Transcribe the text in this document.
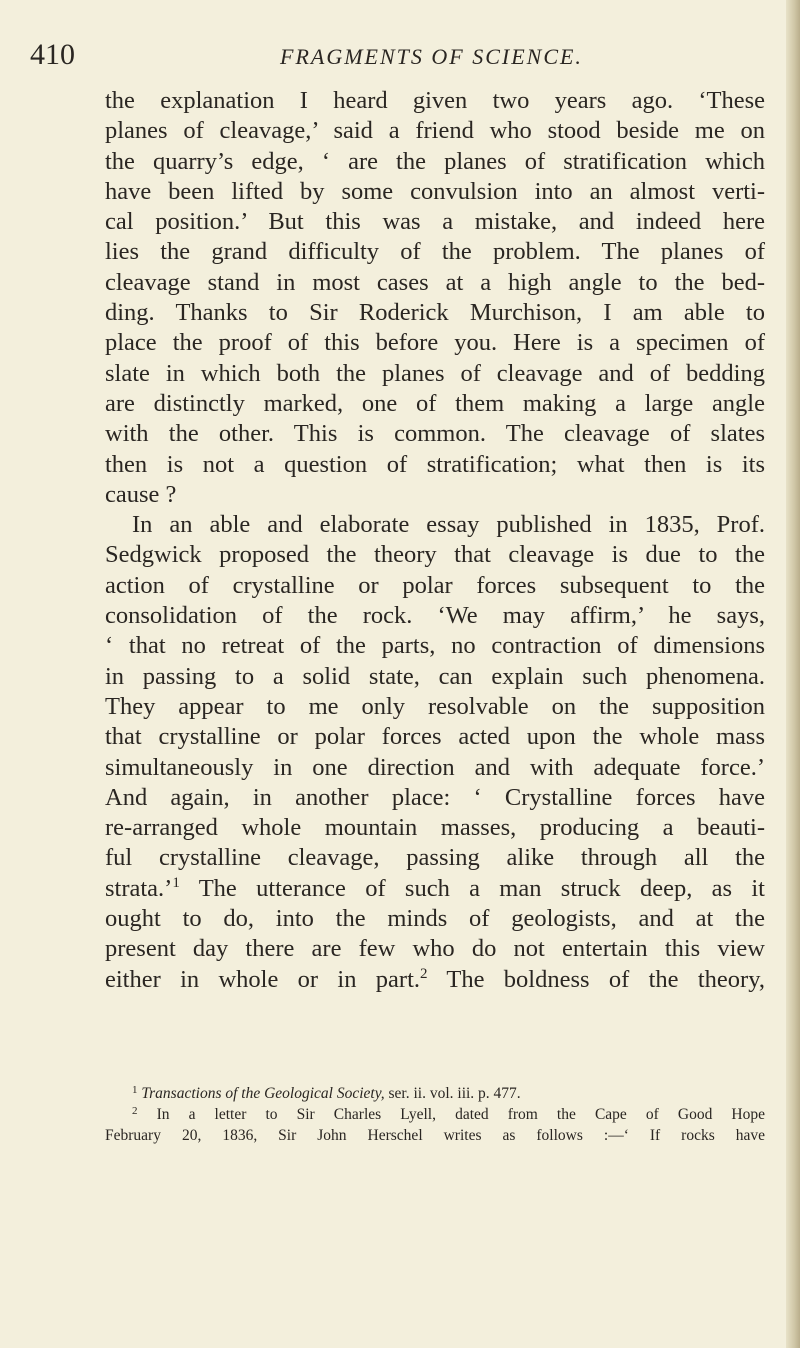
410	FRAGMENTS OF SCIENCE.
the explanation I heard given two years ago. ‘These
planes of cleavage,’ said a friend who stood beside me on
the quarry’s edge, ‘ are the planes of stratification which
have been lifted by some convulsion into an almost verti-
cal position.’ But this was a mistake, and indeed here
lies the grand difficulty of the problem. The planes of
cleavage stand in most cases at a high angle to the bed-
ding. Thanks to Sir Roderick Murchison, I am able to
place the proof of this before you. Here is a specimen of
slate in which both the planes of cleavage and of bedding
are distinctly marked, one of them making a large angle
with the other. This is common. The cleavage of slates
then is not a question of stratification; what then is its
cause ?
In an able and elaborate essay published in 1835, Prof.
Sedgwick proposed the theory that cleavage is due to the
action of crystalline or polar forces subsequent to the
consolidation of the rock. ‘We may affirm,’ he says,
‘ that no retreat of the parts, no contraction of dimensions
in passing to a solid state, can explain such phenomena.
They appear to me only resolvable on the supposition
that crystalline or polar forces acted upon the whole mass
simultaneously in one direction and with adequate force.’
And again, in another place: ‘ Crystalline forces have
re-arranged whole mountain masses, producing a beauti-
ful crystalline cleavage, passing alike through all the
strata.’$^1$ The utterance of such a man struck deep, as it
ought to do, into the minds of geologists, and at the
present day there are few who do not entertain this view
either in whole or in part.$^2$ The boldness of the theory,
$^1$ Transactions of the Geological Society, ser. ii. vol. iii. p. 477.
$^2$ In a letter to Sir Charles Lyell, dated from the Cape of Good Hope
February 20, 1836, Sir John Herschel writes as follows :—‘ If rocks have
